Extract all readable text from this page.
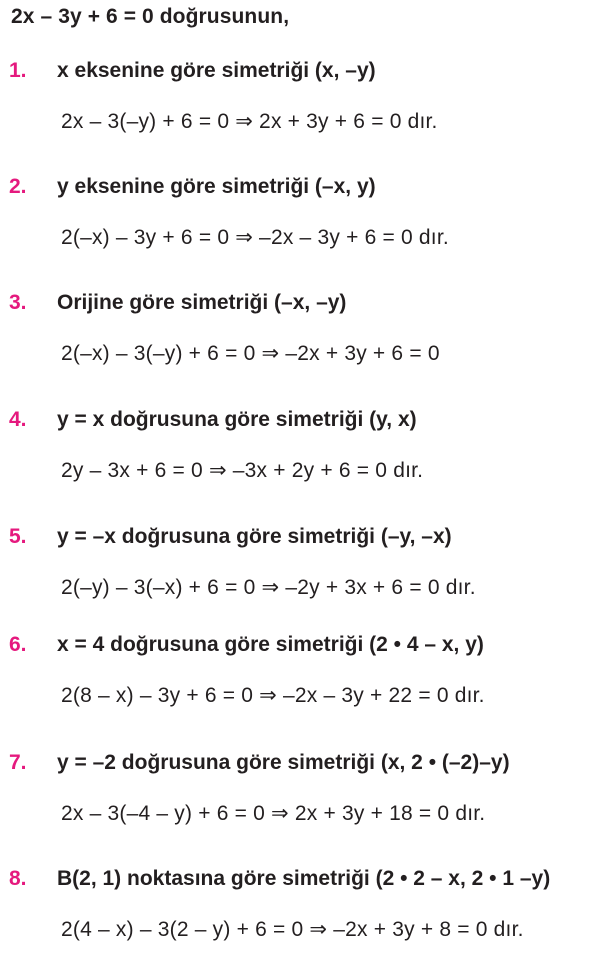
2x – 3y + 6 = 0 doğrusunun,
1. x eksenine göre simetriği (x, –y)
2x – 3(–y) + 6 = 0 ⇒ 2x + 3y + 6 = 0 dır.
2. y eksenine göre simetriği (–x, y)
2(–x) – 3y + 6 = 0 ⇒ –2x – 3y + 6 = 0 dır.
3. Orijine göre simetriği (–x, –y)
2(–x) – 3(–y) + 6 = 0 ⇒ –2x + 3y + 6 = 0
4. y = x doğrusuna göre simetriği (y, x)
2y – 3x + 6 = 0 ⇒ –3x + 2y + 6 = 0 dır.
5. y = –x doğrusuna göre simetriği (–y, –x)
2(–y) – 3(–x) + 6 = 0 ⇒ –2y + 3x + 6 = 0 dır.
6. x = 4 doğrusuna göre simetriği (2 • 4 – x, y)
2(8 – x) – 3y + 6 = 0 ⇒ –2x – 3y + 22 = 0 dır.
7. y = –2 doğrusuna göre simetriği (x, 2 • (–2)–y)
2x – 3(–4 – y) + 6 = 0 ⇒ 2x + 3y + 18 = 0 dır.
8. B(2, 1) noktasına göre simetriği (2 • 2 – x, 2 • 1 –y)
2(4 – x) – 3(2 – y) + 6 = 0 ⇒ –2x + 3y + 8 = 0 dır.
